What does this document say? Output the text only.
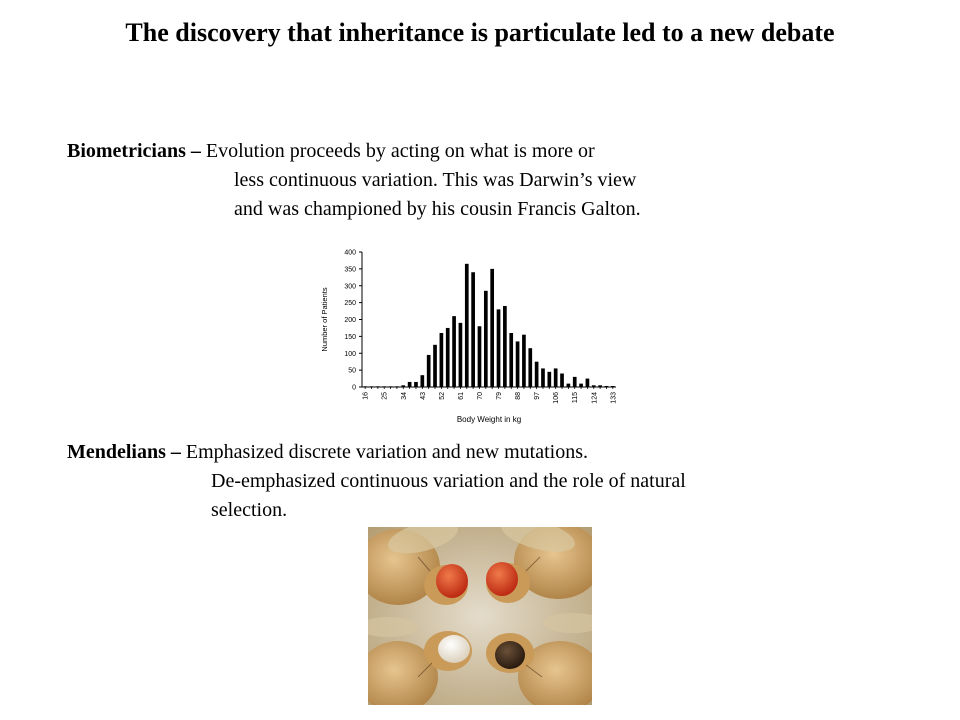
The discovery that inheritance is particulate led to a new debate
Biometricians – Evolution proceeds by acting on what is more or
less continuous variation. This was Darwin’s view
and was championed by his cousin Francis Galton.
0
50
100
150
200
250
300
350
400
16 25 34 43 52 61 70 79 88 97 106 115 124 133
Body Weight in kg
Number of Patients
Mendelians – Emphasized discrete variation and new mutations.
De-emphasized continuous variation and the role of natural
selection.
